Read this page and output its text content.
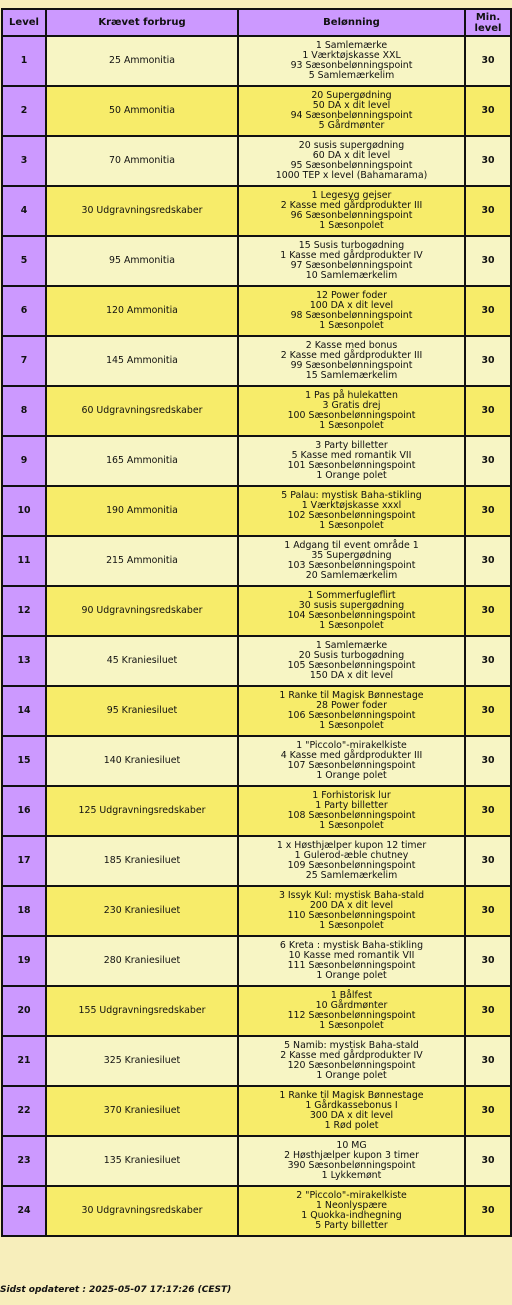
Level	Krævet forbrug	Belønning	Min. level

1	25 Ammonitia	1 Samlemærke
1 Værktøjskasse XXL
93 Sæsonbelønningspoint
5 Samlemærkelim	30
2	50 Ammonitia	20 Supergødning
50 DA x dit level
94 Sæsonbelønningspoint
5 Gårdmønter	30
3	70 Ammonitia	20 susis supergødning
60 DA x dit level
95 Sæsonbelønningspoint
1000 TEP x level (Bahamarama)	30
4	30 Udgravningsredskaber	1 Legesyg gejser
2 Kasse med gårdprodukter III
96 Sæsonbelønningspoint
1 Sæsonpolet	30
5	95 Ammonitia	15 Susis turbogødning
1 Kasse med gårdprodukter IV
97 Sæsonbelønningspoint
10 Samlemærkelim	30
6	120 Ammonitia	12 Power foder
100 DA x dit level
98 Sæsonbelønningspoint
1 Sæsonpolet	30
7	145 Ammonitia	2 Kasse med bonus
2 Kasse med gårdprodukter III
99 Sæsonbelønningspoint
15 Samlemærkelim	30
8	60 Udgravningsredskaber	1 Pas på hulekatten
3 Gratis drej
100 Sæsonbelønningspoint
1 Sæsonpolet	30
9	165 Ammonitia	3 Party billetter
5 Kasse med romantik VII
101 Sæsonbelønningspoint
1 Orange polet	30
10	190 Ammonitia	5 Palau: mystisk Baha-stikling
1 Værktøjskasse xxxl
102 Sæsonbelønningspoint
1 Sæsonpolet	30
11	215 Ammonitia	1 Adgang til event område 1
35 Supergødning
103 Sæsonbelønningspoint
20 Samlemærkelim	30
12	90 Udgravningsredskaber	1 Sommerfugleflirt
30 susis supergødning
104 Sæsonbelønningspoint
1 Sæsonpolet	30
13	45 Kraniesiluet	1 Samlemærke
20 Susis turbogødning
105 Sæsonbelønningspoint
150 DA x dit level	30
14	95 Kraniesiluet	1 Ranke til Magisk Bønnestage
28 Power foder
106 Sæsonbelønningspoint
1 Sæsonpolet	30
15	140 Kraniesiluet	1 "Piccolo"-mirakelkiste
4 Kasse med gårdprodukter III
107 Sæsonbelønningspoint
1 Orange polet	30
16	125 Udgravningsredskaber	1 Forhistorisk lur
1 Party billetter
108 Sæsonbelønningspoint
1 Sæsonpolet	30
17	185 Kraniesiluet	1 x Høsthjælper kupon 12 timer
1 Gulerod-æble chutney
109 Sæsonbelønningspoint
25 Samlemærkelim	30
18	230 Kraniesiluet	3 Issyk Kul: mystisk Baha-stald
200 DA x dit level
110 Sæsonbelønningspoint
1 Sæsonpolet	30
19	280 Kraniesiluet	6 Kreta : mystisk Baha-stikling
10 Kasse med romantik VII
111 Sæsonbelønningspoint
1 Orange polet	30
20	155 Udgravningsredskaber	1 Bålfest
10 Gårdmønter
112 Sæsonbelønningspoint
1 Sæsonpolet	30
21	325 Kraniesiluet	5 Namib: mystisk Baha-stald
2 Kasse med gårdprodukter IV
120 Sæsonbelønningspoint
1 Orange polet	30
22	370 Kraniesiluet	1 Ranke til Magisk Bønnestage
1 Gårdkassebonus I
300 DA x dit level
1 Rød polet	30
23	135 Kraniesiluet	10 MG
2 Høsthjælper kupon 3 timer
390 Sæsonbelønningspoint
1 Lykkemønt	30
24	30 Udgravningsredskaber	2 "Piccolo"-mirakelkiste
1 Neonlyspære
1 Quokka-indhegning
5 Party billetter	30
Sidst opdateret : 2025-05-07 17:17:26 (CEST)
